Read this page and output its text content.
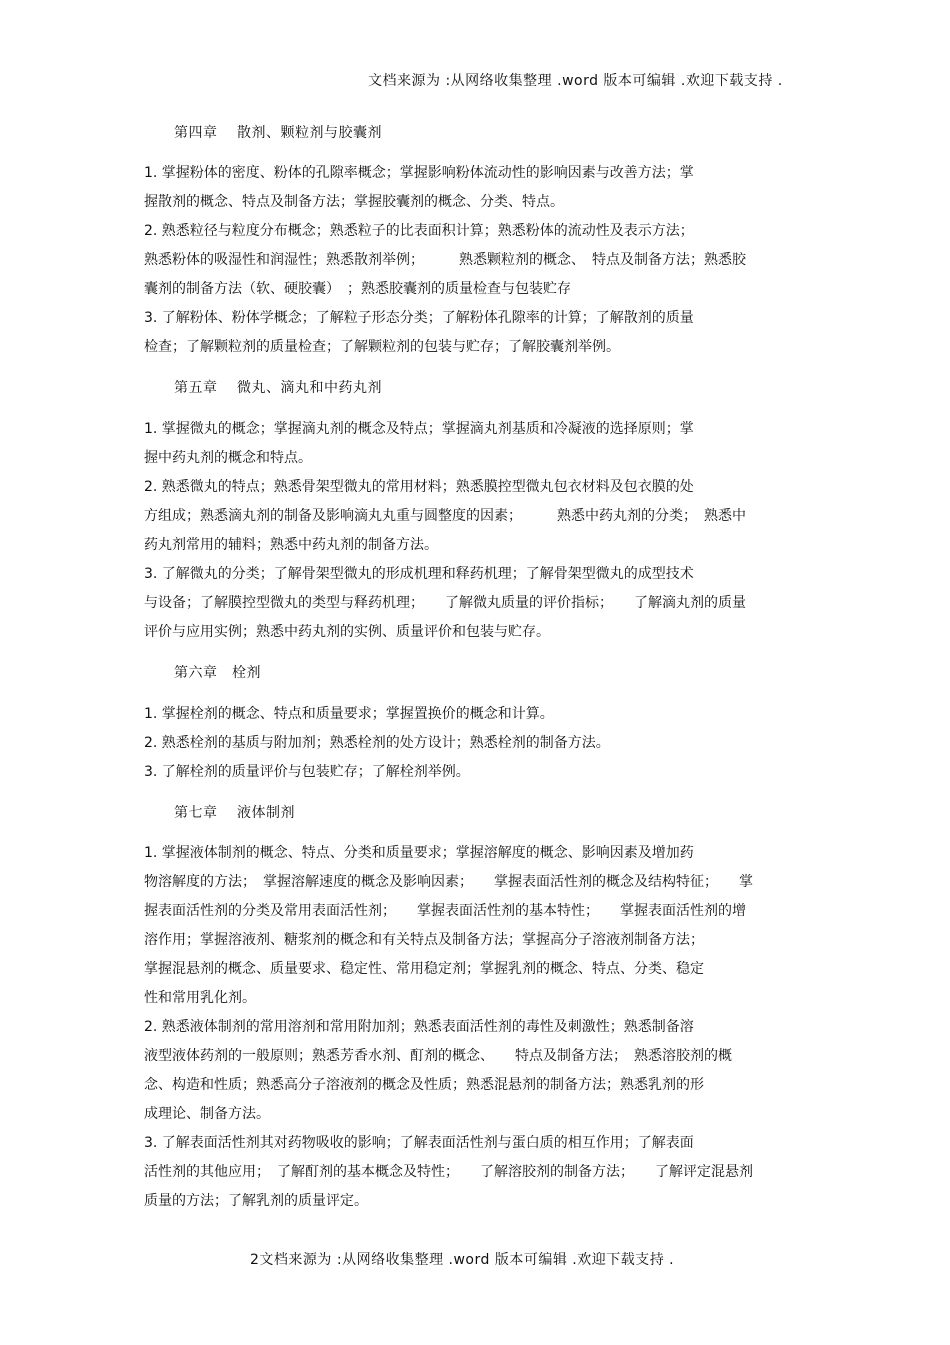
文档来源为 :从网络收集整理 .word 版本可编辑 .欢迎下载支持 .
第四章　 散剂、颗粒剂与胶囊剂
1. 掌握粉体的密度、粉体的孔隙率概念；掌握影响粉体流动性的影响因素与改善方法；掌
握散剂的概念、特点及制备方法；掌握胶囊剂的概念、分类、特点。
2. 熟悉粒径与粒度分布概念；熟悉粒子的比表面积计算；熟悉粉体的流动性及表示方法；
熟悉粉体的吸湿性和润湿性；熟悉散剂举例；　　　熟悉颗粒剂的概念、　特点及制备方法；熟悉胶
囊剂的制备方法（软、硬胶囊）　；熟悉胶囊剂的质量检查与包装贮存
3. 了解粉体、粉体学概念；了解粒子形态分类；了解粉体孔隙率的计算；了解散剂的质量
检查；了解颗粒剂的质量检查；了解颗粒剂的包装与贮存；了解胶囊剂举例。
第五章　 微丸、滴丸和中药丸剂
1. 掌握微丸的概念；掌握滴丸剂的概念及特点；掌握滴丸剂基质和冷凝液的选择原则；掌
握中药丸剂的概念和特点。
2. 熟悉微丸的特点；熟悉骨架型微丸的常用材料；熟悉膜控型微丸包衣材料及包衣膜的处
方组成；熟悉滴丸剂的制备及影响滴丸丸重与圆整度的因素；　　　熟悉中药丸剂的分类；　熟悉中
药丸剂常用的辅料；熟悉中药丸剂的制备方法。
3. 了解微丸的分类；了解骨架型微丸的形成机理和释药机理；了解骨架型微丸的成型技术
与设备；了解膜控型微丸的类型与释药机理；　　了解微丸质量的评价指标；　　了解滴丸剂的质量
评价与应用实例；熟悉中药丸剂的实例、质量评价和包装与贮存。
第六章　栓剂
1. 掌握栓剂的概念、特点和质量要求；掌握置换价的概念和计算。
2. 熟悉栓剂的基质与附加剂；熟悉栓剂的处方设计；熟悉栓剂的制备方法。
3. 了解栓剂的质量评价与包装贮存；了解栓剂举例。
第七章　 液体制剂
1. 掌握液体制剂的概念、特点、分类和质量要求；掌握溶解度的概念、影响因素及增加药
物溶解度的方法；　掌握溶解速度的概念及影响因素；　　掌握表面活性剂的概念及结构特征；　　掌
握表面活性剂的分类及常用表面活性剂；　　掌握表面活性剂的基本特性；　　掌握表面活性剂的增
溶作用；掌握溶液剂、糖浆剂的概念和有关特点及制备方法；掌握高分子溶液剂制备方法；
掌握混悬剂的概念、质量要求、稳定性、常用稳定剂；掌握乳剂的概念、特点、分类、稳定
性和常用乳化剂。
2. 熟悉液体制剂的常用溶剂和常用附加剂；熟悉表面活性剂的毒性及刺激性；熟悉制备溶
液型液体药剂的一般原则；熟悉芳香水剂、酊剂的概念、　　特点及制备方法；　熟悉溶胶剂的概
念、构造和性质；熟悉高分子溶液剂的概念及性质；熟悉混悬剂的制备方法；熟悉乳剂的形
成理论、制备方法。
3. 了解表面活性剂其对药物吸收的影响；了解表面活性剂与蛋白质的相互作用；了解表面
活性剂的其他应用；　了解酊剂的基本概念及特性；　　了解溶胶剂的制备方法；　　了解评定混悬剂
质量的方法；了解乳剂的质量评定。
2文档来源为 :从网络收集整理 .word 版本可编辑 .欢迎下载支持 .
